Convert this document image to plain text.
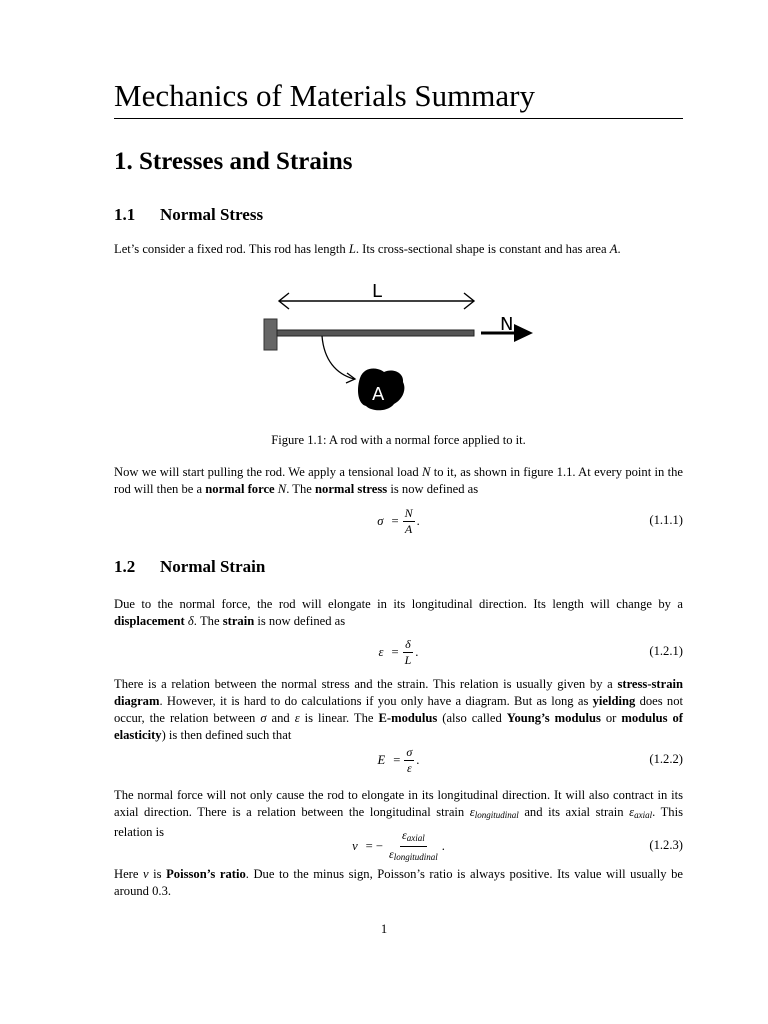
Mechanics of Materials Summary
1. Stresses and Strains
1.1 Normal Stress

Let’s consider a fixed rod. This rod has length L. Its cross-sectional shape is constant and has area A.

L
N
A

Figure 1.1: A rod with a normal force applied to it.

Now we will start pulling the rod. We apply a tensional load N to it, as shown in figure 1.1. At every point in the rod will then be a normal force N. The normal stress is now defined as

$\sigma = \frac{N}{A}$ .	(1.1.1)
1.2 Normal Strain

Due to the normal force, the rod will elongate in its longitudinal direction. Its length will change by a displacement δ. The strain is now defined as

$\varepsilon = \frac{\delta}{L}$ .	(1.2.1)

There is a relation between the normal stress and the strain. This relation is usually given by a stress-strain diagram. However, it is hard to do calculations if you only have a diagram. But as long as yielding does not occur, the relation between σ and ε is linear. The E-modulus (also called Young’s modulus or modulus of elasticity) is then defined such that

$E = \frac{\sigma}{\varepsilon}$ .	(1.2.2)

The normal force will not only cause the rod to elongate in its longitudinal direction. It will also contract in its axial direction. There is a relation between the longitudinal strain $\varepsilon_{longitudinal}$ and its axial strain $\varepsilon_{axial}$. This relation is

ν = − $\frac{\varepsilon_{axial}}{\varepsilon_{longitudinal}}$ .	(1.2.3)

Here ν is Poisson’s ratio. Due to the minus sign, Poisson’s ratio is always positive. Its value will usually be around 0.3.

1
